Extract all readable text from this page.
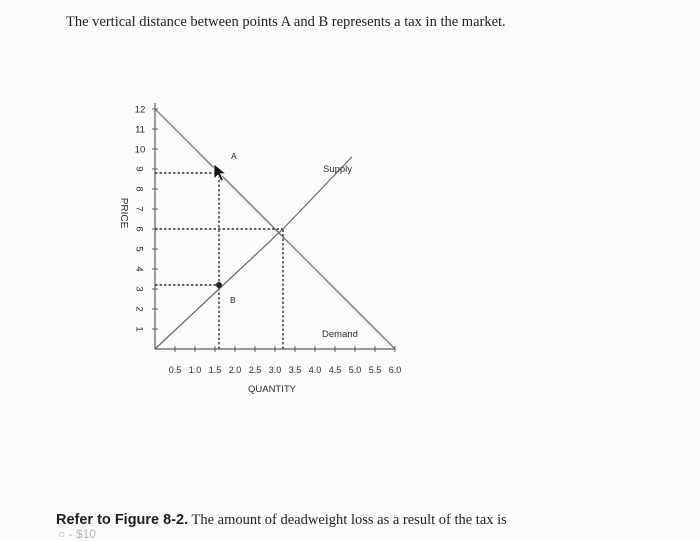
The vertical distance between points A and B represents a tax in the market.
1
2
3
4
5
6
7
8
9
10
11
12
0.5 1.0 1.5 2.0 2.5 3.0 3.5 4.0 4.5 5.0 5.5 6.0
QUANTITY
PRICE
Supply
Demand
A
B
Refer to Figure 8-2. The amount of deadweight loss as a result of the tax is
○ - $10
